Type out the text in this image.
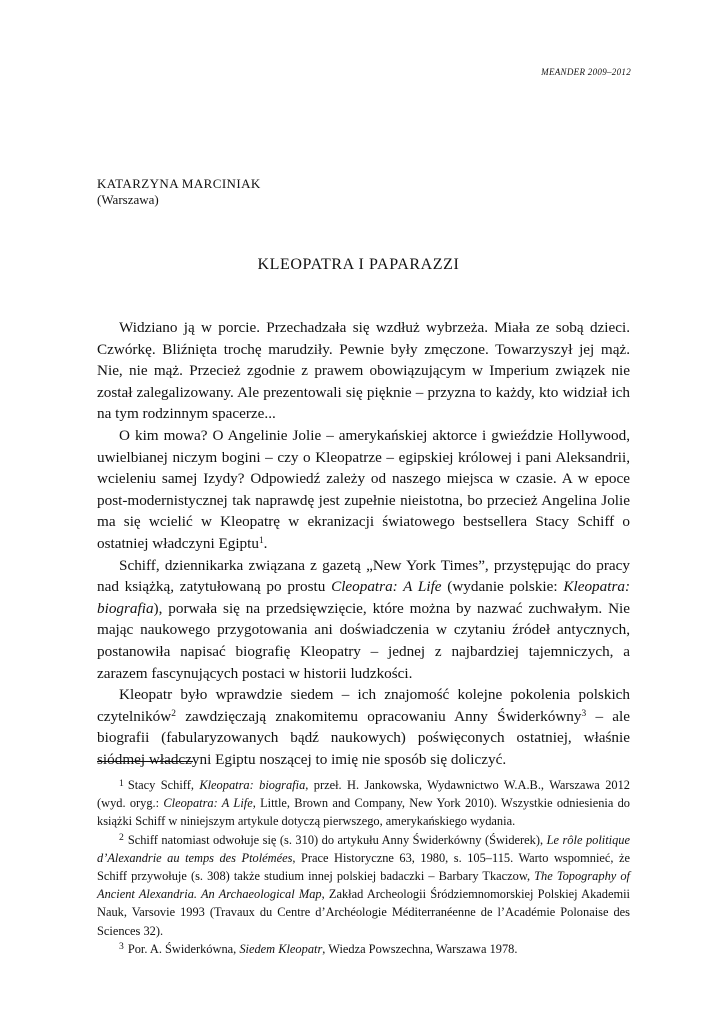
MEANDER 2009–2012
KATARZYNA MARCINIAK
(Warszawa)
KLEOPATRA I PAPARAZZI

Widziano ją w porcie. Przechadzała się wzdłuż wybrzeża. Miała ze sobą dzieci. Czwórkę. Bliźnięta trochę marudziły. Pewnie były zmęczone. Towarzyszył jej mąż. Nie, nie mąż. Przecież zgodnie z prawem obowiązującym w Imperium związek nie został zalegalizowany. Ale prezentowali się pięknie – przyzna to każdy, kto widział ich na tym rodzinnym spacerze...

O kim mowa? O Angelinie Jolie – amerykańskiej aktorce i gwieździe Hollywood, uwielbianej niczym bogini – czy o Kleopatrze – egipskiej królowej i pani Aleksandrii, wcieleniu samej Izydy? Odpowiedź zależy od naszego miejsca w czasie. A w epoce post-modernistycznej tak naprawdę jest zupełnie nieistotna, bo przecież Angelina Jolie ma się wcielić w Kleopatrę w ekranizacji światowego bestsellera Stacy Schiff o ostatniej władczyni Egiptu$^1$.

Schiff, dziennikarka związana z gazetą „New York Times”, przystępując do pracy nad książką, zatytułowaną po prostu Cleopatra: A Life (wydanie polskie: Kleopatra: biografia), porwała się na przedsięwzięcie, które można by nazwać zuchwałym. Nie mając naukowego przygotowania ani doświadczenia w czytaniu źródeł antycznych, postanowiła napisać biografię Kleopatry – jednej z najbardziej tajemniczych, a zarazem fascynujących postaci w historii ludzkości.

Kleopatr było wprawdzie siedem – ich znajomość kolejne pokolenia polskich czytelników$^2$ zawdzięczają znakomitemu opracowaniu Anny Świderkówny$^3$ – ale biografii (fabularyzowanych bądź naukowych) poświęconych ostatniej, właśnie siódmej władczyni Egiptu noszącej to imię nie sposób się doliczyć.

$^1$ Stacy Schiff, Kleopatra: biografia, przeł. H. Jankowska, Wydawnictwo W.A.B., Warszawa 2012 (wyd. oryg.: Cleopatra: A Life, Little, Brown and Company, New York 2010). Wszystkie odniesienia do książki Schiff w niniejszym artykule dotyczą pierwszego, amerykańskiego wydania.

$^2$ Schiff natomiast odwołuje się (s. 310) do artykułu Anny Świderkówny (Świderek), Le rôle politique d’Alexandrie au temps des Ptolémées, Prace Historyczne 63, 1980, s. 105–115. Warto wspomnieć, że Schiff przywołuje (s. 308) także studium innej polskiej badaczki – Barbary Tkaczow, The Topography of Ancient Alexandria. An Archaeological Map, Zakład Archeologii Śródziemnomorskiej Polskiej Akademii Nauk, Varsovie 1993 (Travaux du Centre d’Archéologie Méditerranéenne de l’Académie Polonaise des Sciences 32).

$^3$ Por. A. Świderkówna, Siedem Kleopatr, Wiedza Powszechna, Warszawa 1978.
